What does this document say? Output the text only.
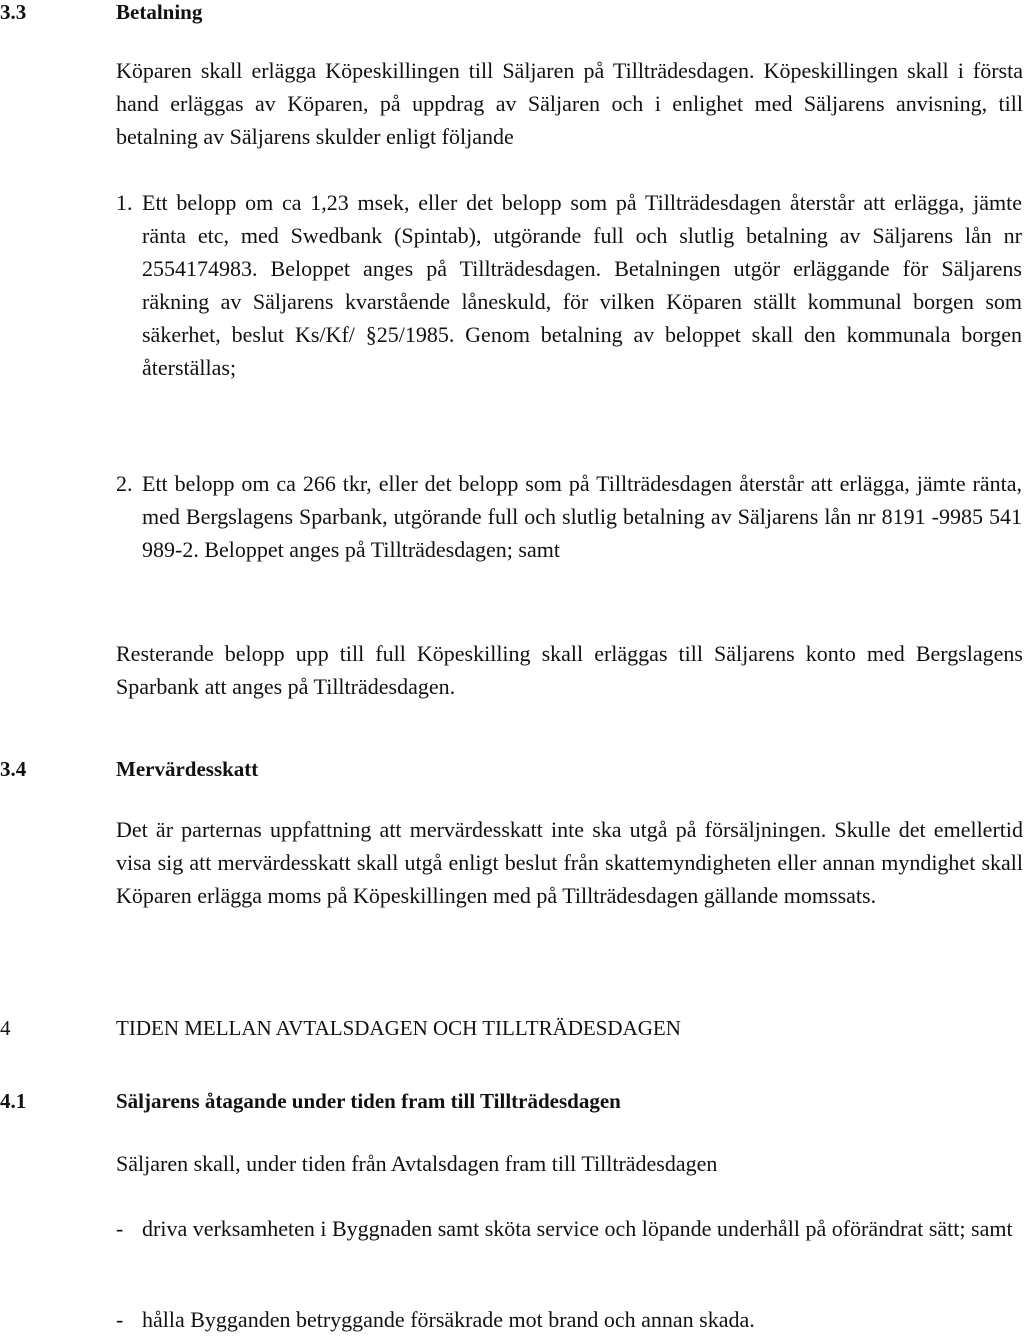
3.3	Betalning
Köparen skall erlägga Köpeskillingen till Säljaren på Tillträdesdagen. Köpeskillingen skall i första hand erläggas av Köparen, på uppdrag av Säljaren och i enlighet med Säljarens anvisning, till betalning av Säljarens skulder enligt följande
1. Ett belopp om ca 1,23 msek, eller det belopp som på Tillträdesdagen återstår att erlägga, jämte ränta etc, med Swedbank (Spintab), utgörande full och slutlig betalning av Säljarens lån nr 2554174983. Beloppet anges på Tillträdesdagen. Betalningen utgör erläggande för Säljarens räkning av Säljarens kvarstående låneskuld, för vilken Köparen ställt kommunal borgen som säkerhet, beslut Ks/Kf/ §25/1985. Genom betalning av beloppet skall den kommunala borgen återställas;
2. Ett belopp om ca 266 tkr, eller det belopp som på Tillträdesdagen återstår att erlägga, jämte ränta, med Bergslagens Sparbank, utgörande full och slutlig betalning av Säljarens lån nr 8191 -9985 541 989-2. Beloppet anges på Tillträdesdagen; samt
Resterande belopp upp till full Köpeskilling skall erläggas till Säljarens konto med Bergslagens Sparbank att anges på Tillträdesdagen.
3.4	Mervärdesskatt
Det är parternas uppfattning att mervärdesskatt inte ska utgå på försäljningen. Skulle det emellertid visa sig att mervärdesskatt skall utgå enligt beslut från skattemyndigheten eller annan myndighet skall Köparen erlägga moms på Köpeskillingen med på Tillträdesdagen gällande momssats.
4	TIDEN MELLAN AVTALSDAGEN OCH TILLTRÄDESDAGEN
4.1	Säljarens åtagande under tiden fram till Tillträdesdagen
Säljaren skall, under tiden från Avtalsdagen fram till Tillträdesdagen
- driva verksamheten i Byggnaden samt sköta service och löpande underhåll på oförändrat sätt; samt
- hålla Bygganden betryggande försäkrade mot brand och annan skada.
